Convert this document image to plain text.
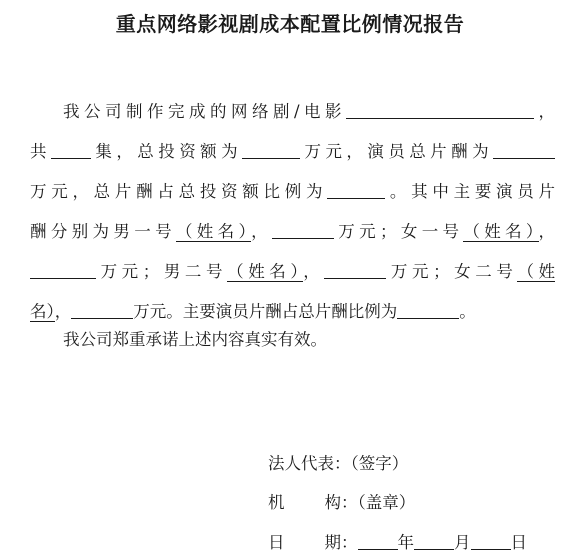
重点网络影视剧成本配置比例情况报告
我公司制作完成的网络剧/电影	，
共 集，总投资额为	万元，演员总片酬为
万元，总片酬占总投资额比例为	。其中主要演员片
酬分别为男一号（姓名），	万元；女一号（姓名），
万元；男二号（姓名），	万元；女二号（姓
名），	万元。主要演员片酬占总片酬比例为	。
我公司郑重承诺上述内容真实有效。
法人代表：（签字）
机 构：（盖章）
日 期： 年 月 日
